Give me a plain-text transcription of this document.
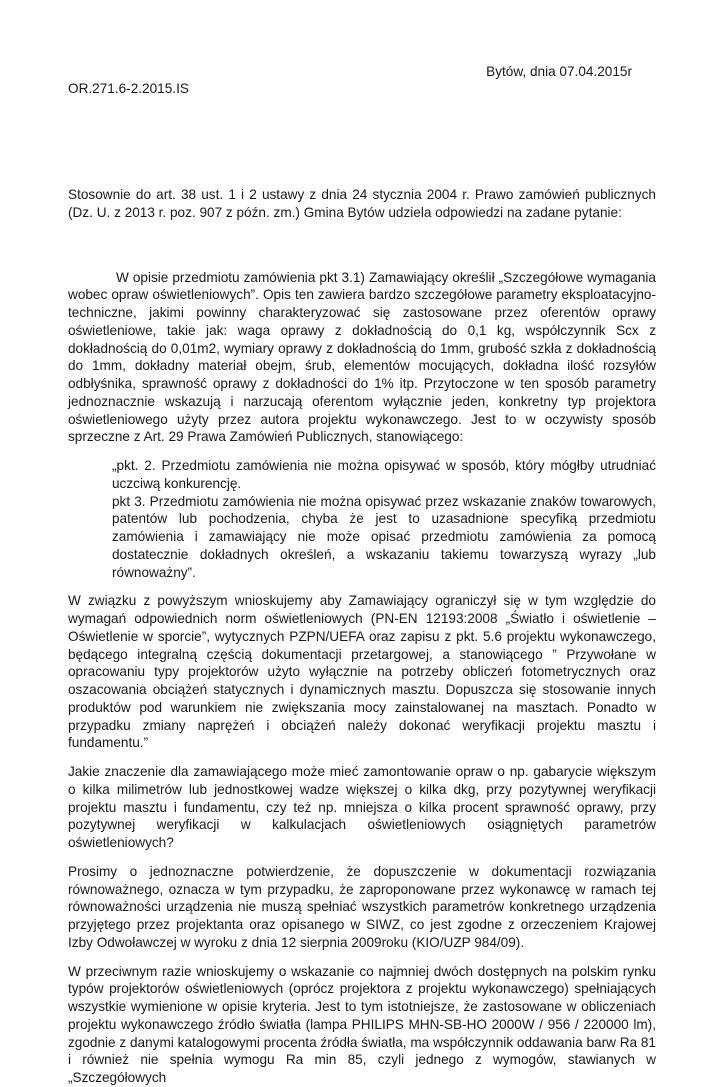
Bytów, dnia 07.04.2015r
OR.271.6-2.2015.IS

Stosownie do art. 38 ust. 1 i 2 ustawy z dnia 24 stycznia 2004 r. Prawo zamówień publicznych (Dz. U. z 2013 r. poz. 907 z późn. zm.) Gmina Bytów udziela odpowiedzi na zadane pytanie:

W opisie przedmiotu zamówienia pkt 3.1) Zamawiający określił „Szczegółowe wymagania wobec opraw oświetleniowych”. Opis ten zawiera bardzo szczegółowe parametry eksploatacyjno-techniczne, jakimi powinny charakteryzować się zastosowane przez oferentów oprawy oświetleniowe, takie jak: waga oprawy z dokładnością do 0,1 kg, współczynnik Scx z dokładnością do 0,01m2, wymiary oprawy z dokładnością do 1mm, grubość szkła z dokładnością do 1mm, dokładny materiał obejm, śrub, elementów mocujących, dokładna ilość rozsyłów odbłyśnika, sprawność oprawy z dokładności do 1% itp. Przytoczone w ten sposób parametry jednoznacznie wskazują i narzucają oferentom wyłącznie jeden, konkretny typ projektora oświetleniowego użyty przez autora projektu wykonawczego. Jest to w oczywisty sposób sprzeczne z Art. 29 Prawa Zamówień Publicznych, stanowiącego:

„pkt. 2. Przedmiotu zamówienia nie można opisywać w sposób, który mógłby utrudniać uczciwą konkurencję.

pkt 3. Przedmiotu zamówienia nie można opisywać przez wskazanie znaków towarowych, patentów lub pochodzenia, chyba że jest to uzasadnione specyfiką przedmiotu zamówienia i zamawiający nie może opisać przedmiotu zamówienia za pomocą dostatecznie dokładnych określeń, a wskazaniu takiemu towarzyszą wyrazy „lub równoważny”.

W związku z powyższym wnioskujemy aby Zamawiający ograniczył się w tym względzie do wymagań odpowiednich norm oświetleniowych (PN-EN 12193:2008 „Światło i oświetlenie – Oświetlenie w sporcie”, wytycznych PZPN/UEFA oraz zapisu z pkt. 5.6 projektu wykonawczego, będącego integralną częścią dokumentacji przetargowej, a stanowiącego ” Przywołane w opracowaniu typy projektorów użyto wyłącznie na potrzeby obliczeń fotometrycznych oraz oszacowania obciążeń statycznych i dynamicznych masztu. Dopuszcza się stosowanie innych produktów pod warunkiem nie zwiększania mocy zainstalowanej na masztach. Ponadto w przypadku zmiany naprężeń i obciążeń należy dokonać weryfikacji projektu masztu i fundamentu.”

Jakie znaczenie dla zamawiającego może mieć zamontowanie opraw o np. gabarycie większym o kilka milimetrów lub jednostkowej wadze większej o kilka dkg, przy pozytywnej weryfikacji projektu masztu i fundamentu, czy też np. mniejsza o kilka procent sprawność oprawy, przy pozytywnej weryfikacji w kalkulacjach oświetleniowych osiągniętych parametrów oświetleniowych?

Prosimy o jednoznaczne potwierdzenie, że dopuszczenie w dokumentacji rozwiązania równoważnego, oznacza w tym przypadku, że zaproponowane przez wykonawcę w ramach tej równoważności urządzenia nie muszą spełniać wszystkich parametrów konkretnego urządzenia przyjętego przez projektanta oraz opisanego w SIWZ, co jest zgodne z orzeczeniem Krajowej Izby Odwoławczej w wyroku z dnia 12 sierpnia 2009roku (KIO/UZP 984/09).

W przeciwnym razie wnioskujemy o wskazanie co najmniej dwóch dostępnych na polskim rynku typów projektorów oświetleniowych (oprócz projektora z projektu wykonawczego) spełniających wszystkie wymienione w opisie kryteria. Jest to tym istotniejsze, że zastosowane w obliczeniach projektu wykonawczego źródło światła (lampa PHILIPS MHN-SB-HO 2000W / 956 / 220000 lm), zgodnie z danymi katalogowymi procenta źródła światła, ma współczynnik oddawania barw Ra 81 i również nie spełnia wymogu Ra min 85, czyli jednego z wymogów, stawianych w „Szczegółowych
